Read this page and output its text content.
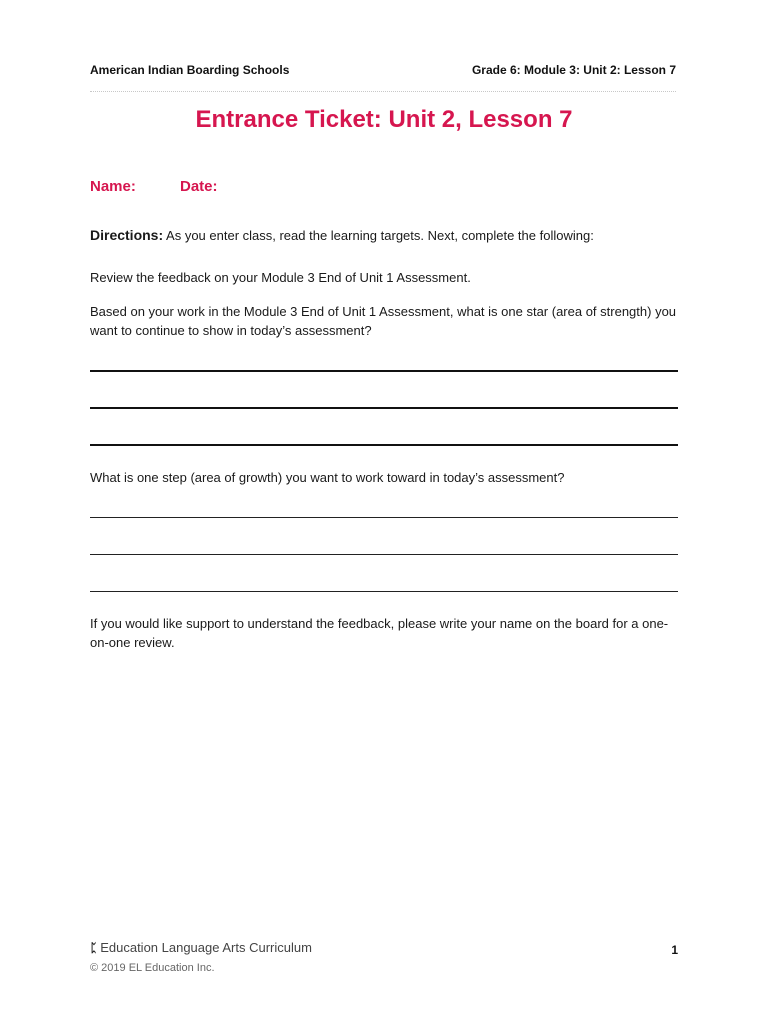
American Indian Boarding Schools	Grade 6: Module 3: Unit 2: Lesson 7
Entrance Ticket: Unit 2, Lesson 7
Name:	Date:
Directions: As you enter class, read the learning targets. Next, complete the following:
Review the feedback on your Module 3 End of Unit 1 Assessment.
Based on your work in the Module 3 End of Unit 1 Assessment, what is one star (area of strength) you want to continue to show in today’s assessment?
What is one step (area of growth) you want to work toward in today’s assessment?
If you would like support to understand the feedback, please write your name on the board for a one-on-one review.
ᛈ Education Language Arts Curriculum
© 2019 EL Education Inc.
1
